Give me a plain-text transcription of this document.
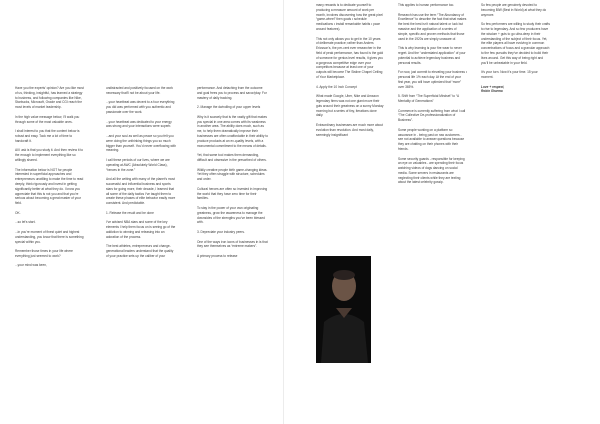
Have you the experts’ opinion? Are you like most of us, thinking, insightful, has learned a strategy to business, and following companies like Nike, Starbucks, Microsoft, Oracle and CGI reach the most levels of market leadership.

In the high value message below, I’ll walk you through some of the most valuable ones.

I shall interest to you that the content below is robust and easy. Took me a lot of time to handcraft it.

All I ask is that you study it. And then review it to the enough to implement everything like so willingly shared.

The information below is NOT for people interested in superficial approaches and entrepreneurs unwilling to make the time to read deeply, think rigorously and invest in getting significantly better at what they do. I know you appreciate that this is not you and that you’re serious about becoming a great master of your field.

OK.

...so let’s start.

...in you’re moment of finest quiet and highest understanding, you know that there is something special within you.

Remember those times in your life where everything just seemed to work?

...your mind was keen,

undistracted and positively focused on the work necessary that’ll not be about your life.

...your heartbeat was decent to a four everything you did was performed with you authentic and passionate over the work.

...your heartbeat was dedicated to your energy was strong and your interactions were superb.

...and your soul as well as peace so you felt you were doing the unthinking things you so much bigger than yourself. You’d never overflowing with meaning.

I call these periods of our lives, where we are operating at AWC (Absolutely World Class), “heroes in the zone.”

And all the writing with many of the planet’s most successful and influential business and sports stars for going more, their decade, I learned that all some of the daily tactics I’ve taught them to create these phases of elite behavior easily more consistent. And predictable.

1. Release the result and be done

I’ve advised NBA stars and some of the key elements I help them focus on is seeing go of the addiction to winning and releasing into an adoration of the process.

The best athletes, entrepreneurs and change-generational leaders understand that the quality of your practice sets up the caliber of your

performance. And detaching from the outcome and goal frees you to process and savor/play. For mastery of daily tracking.

2. Manage the dwindling of your upper levels

Why is it scarcely that is the vastly gift that makes you special in one area comes with its weakness in another area. The ability does much, such as me, to help them dramatically improve their businesses are often unaffordable in their ability to produce products at an ex-quality levels, with a monumental commitment to the means of details.

Yet, that same tool makes them demanding, difficult and obsessive in the prescribed of others.

Wildly creative people birth game-changing ideas. Yet they often struggle with structure, schedules and order.

Cultural heroes are often so invested in improving the world that they have zero time for their families.

To stay in the power of your own originating greatness, grow the awareness to manage the downsides of the strengths you’ve been blessed with.

3. Depreciate your industry peers.

One of the ways iron icons of businesses in is that they see themselves as “extreme makers”.

A primary process to release

many rewards is to dedicate yourself to producing a measure amount of work per month, involves discovering how the great pixel “game-wheel” then goals • schedule medications • install remarkable habits • pace around features).

This not only allows you to get in the 10 years of deliberate practice; rather than Anders Ericsson’s, the per-cent ever researcher in the field of peak performance, has found is the gold of someone for genius level results, it gives you a gorgeous competitive edge over your competitors because at least one of your outputs will become The Sistine Chapel Ceiling of Your Marketplace.

4. Apply the 10 Inch Concept

What made Google, Uber, Nike and Amazon legendary firms was not one giant move their guts around their greatness on a sunny Monday morning but a series of tiny, iterations done daily.

Extraordinary businesses are much more about evolution than revolution. And most daily, seemingly insignificant

This applies to human performance too.

Research has use the term “The Abundancy of Excellence” to describe the fact that what makes the best the best isn’t natural talent or luck but massive and the application of a series of simple, specific and proven methods that those used in the 1920s are simply unaware of.

This is why learning is your fire wear to never regret. And the “understated application” of your potential to achieve legendary business and personal results.

For now, just commit to elevating your business • personal life 1% each day. At the end of your first year, you will have optimized that “more” over 365%.

5. Shift from “The Superficial Mindset” to “A Mentality of Generations”

Commerce is currently suffering from what I call “The Collective De-professionalization of Business”.

Some people working on a platform so assurance in - being past on raw customers - see not available to answer questions because they are chatting on their phones with their friends.

Some security guards - responsible for keeping an eye on valuables - are spending their focus watching videos of dogs dancing on social media. Some servers in restaurants are neglecting their clients while they are texting about the latest celebrity gossip.

So few people are genuinely devoted to becoming BIW (Best in World) at what they do anymore.

So few performers are willing to study their crafts to rise to legendary. And so few producers have the wisdom + guts to go ultra-deep in their understanding of the subject of their focus. Yet, the elite players all have evolving in common concentrations of focus and a granular approach to the few pursuits they’ve decided to build their lives around. Get this way of being right and you’ll be unbeatable in your field.

It’s your turn. Now it’s your time. 15 your moment.

Love + respect,
Robin Sharma
